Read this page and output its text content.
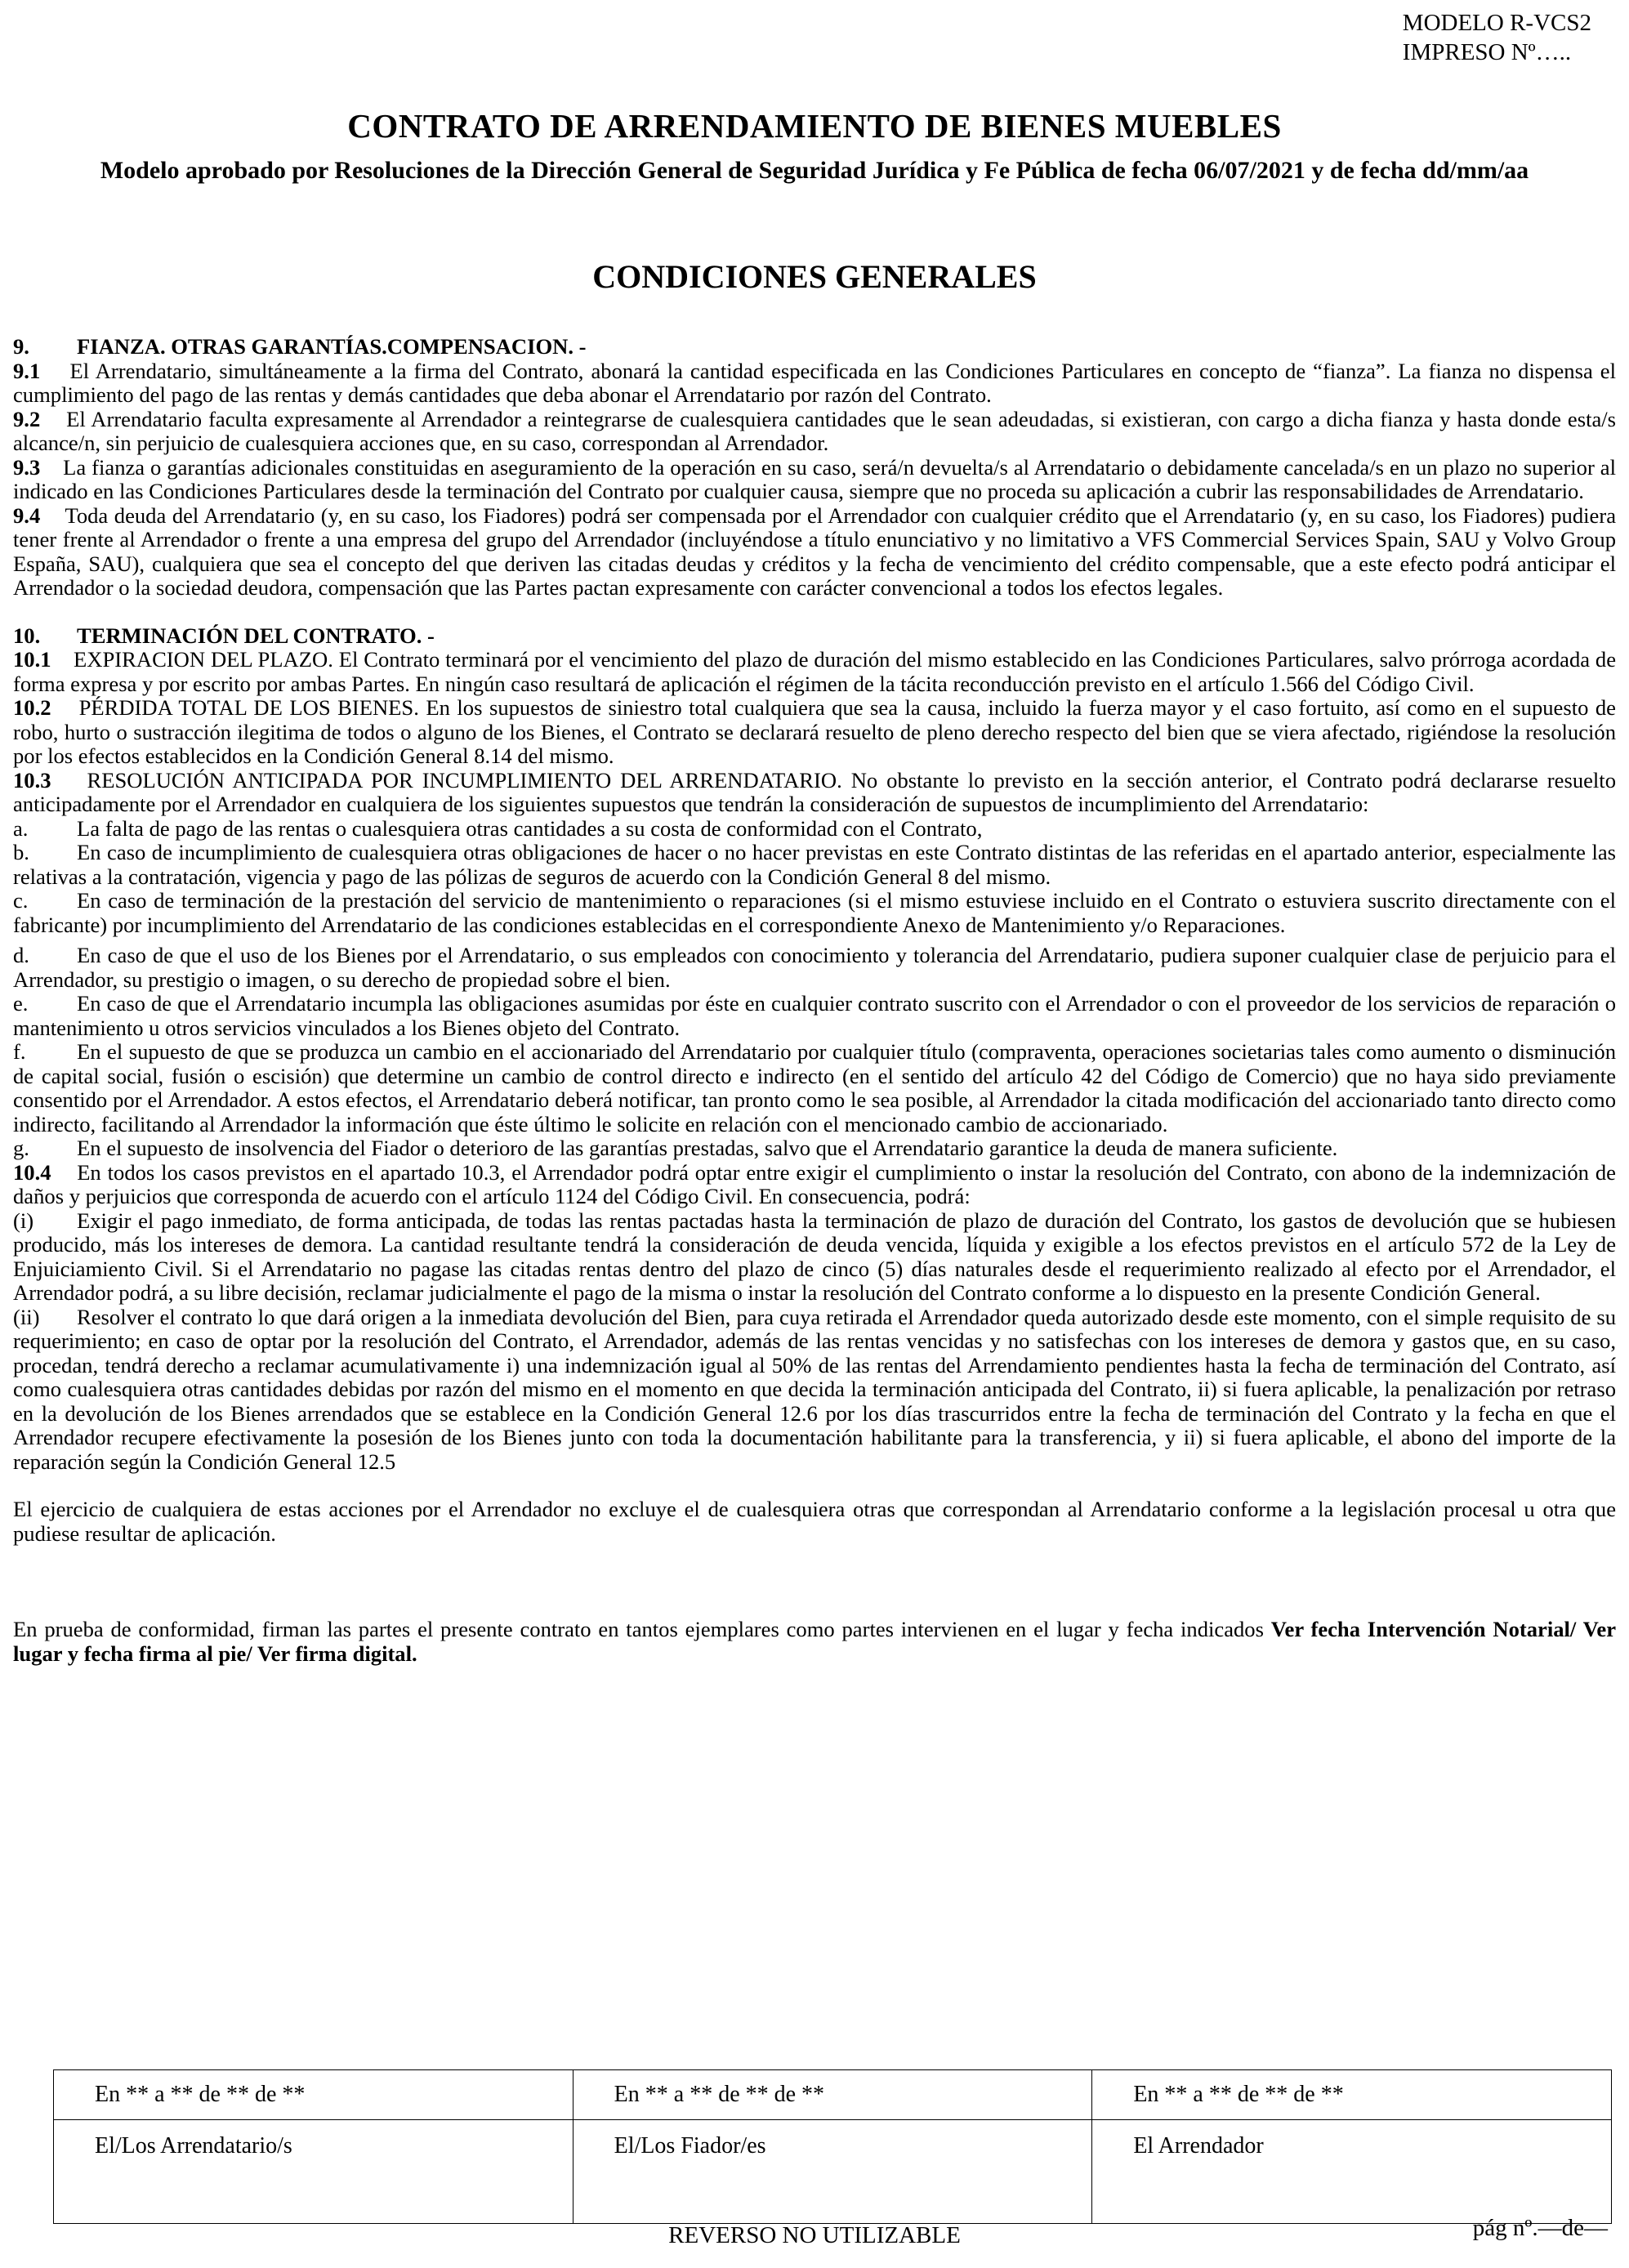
MODELO R-VCS2
IMPRESO Nº…..
CONTRATO DE ARRENDAMIENTO DE BIENES MUEBLES
Modelo aprobado por Resoluciones de la Dirección General de Seguridad Jurídica y Fe Pública de fecha 06/07/2021 y de fecha dd/mm/aa
CONDICIONES GENERALES

9. FIANZA. OTRAS GARANTÍAS.COMPENSACION. -

9.1 El Arrendatario, simultáneamente a la firma del Contrato, abonará la cantidad especificada en las Condiciones Particulares en concepto de “fianza”. La fianza no dispensa el cumplimiento del pago de las rentas y demás cantidades que deba abonar el Arrendatario por razón del Contrato.

9.2 El Arrendatario faculta expresamente al Arrendador a reintegrarse de cualesquiera cantidades que le sean adeudadas, si existieran, con cargo a dicha fianza y hasta donde esta/s alcance/n, sin perjuicio de cualesquiera acciones que, en su caso, correspondan al Arrendador.

9.3 La fianza o garantías adicionales constituidas en aseguramiento de la operación en su caso, será/n devuelta/s al Arrendatario o debidamente cancelada/s en un plazo no superior al indicado en las Condiciones Particulares desde la terminación del Contrato por cualquier causa, siempre que no proceda su aplicación a cubrir las responsabilidades de Arrendatario.

9.4 Toda deuda del Arrendatario (y, en su caso, los Fiadores) podrá ser compensada por el Arrendador con cualquier crédito que el Arrendatario (y, en su caso, los Fiadores) pudiera tener frente al Arrendador o frente a una empresa del grupo del Arrendador (incluyéndose a título enunciativo y no limitativo a VFS Commercial Services Spain, SAU y Volvo Group España, SAU), cualquiera que sea el concepto del que deriven las citadas deudas y créditos y la fecha de vencimiento del crédito compensable, que a este efecto podrá anticipar el Arrendador o la sociedad deudora, compensación que las Partes pactan expresamente con carácter convencional a todos los efectos legales.

10. TERMINACIÓN DEL CONTRATO. -

10.1 EXPIRACION DEL PLAZO. El Contrato terminará por el vencimiento del plazo de duración del mismo establecido en las Condiciones Particulares, salvo prórroga acordada de forma expresa y por escrito por ambas Partes. En ningún caso resultará de aplicación el régimen de la tácita reconducción previsto en el artículo 1.566 del Código Civil.

10.2 PÉRDIDA TOTAL DE LOS BIENES. En los supuestos de siniestro total cualquiera que sea la causa, incluido la fuerza mayor y el caso fortuito, así como en el supuesto de robo, hurto o sustracción ilegitima de todos o alguno de los Bienes, el Contrato se declarará resuelto de pleno derecho respecto del bien que se viera afectado, rigiéndose la resolución por los efectos establecidos en la Condición General 8.14 del mismo.

10.3 RESOLUCIÓN ANTICIPADA POR INCUMPLIMIENTO DEL ARRENDATARIO. No obstante lo previsto en la sección anterior, el Contrato podrá declararse resuelto anticipadamente por el Arrendador en cualquiera de los siguientes supuestos que tendrán la consideración de supuestos de incumplimiento del Arrendatario:

a. La falta de pago de las rentas o cualesquiera otras cantidades a su costa de conformidad con el Contrato,

b. En caso de incumplimiento de cualesquiera otras obligaciones de hacer o no hacer previstas en este Contrato distintas de las referidas en el apartado anterior, especialmente las relativas a la contratación, vigencia y pago de las pólizas de seguros de acuerdo con la Condición General 8 del mismo.

c. En caso de terminación de la prestación del servicio de mantenimiento o reparaciones (si el mismo estuviese incluido en el Contrato o estuviera suscrito directamente con el fabricante) por incumplimiento del Arrendatario de las condiciones establecidas en el correspondiente Anexo de Mantenimiento y/o Reparaciones.

d. En caso de que el uso de los Bienes por el Arrendatario, o sus empleados con conocimiento y tolerancia del Arrendatario, pudiera suponer cualquier clase de perjuicio para el Arrendador, su prestigio o imagen, o su derecho de propiedad sobre el bien.

e. En caso de que el Arrendatario incumpla las obligaciones asumidas por éste en cualquier contrato suscrito con el Arrendador o con el proveedor de los servicios de reparación o mantenimiento u otros servicios vinculados a los Bienes objeto del Contrato.

f. En el supuesto de que se produzca un cambio en el accionariado del Arrendatario por cualquier título (compraventa, operaciones societarias tales como aumento o disminución de capital social, fusión o escisión) que determine un cambio de control directo e indirecto (en el sentido del artículo 42 del Código de Comercio) que no haya sido previamente consentido por el Arrendador. A estos efectos, el Arrendatario deberá notificar, tan pronto como le sea posible, al Arrendador la citada modificación del accionariado tanto directo como indirecto, facilitando al Arrendador la información que éste último le solicite en relación con el mencionado cambio de accionariado.

g. En el supuesto de insolvencia del Fiador o deterioro de las garantías prestadas, salvo que el Arrendatario garantice la deuda de manera suficiente.

10.4 En todos los casos previstos en el apartado 10.3, el Arrendador podrá optar entre exigir el cumplimiento o instar la resolución del Contrato, con abono de la indemnización de daños y perjuicios que corresponda de acuerdo con el artículo 1124 del Código Civil. En consecuencia, podrá:

(i) Exigir el pago inmediato, de forma anticipada, de todas las rentas pactadas hasta la terminación de plazo de duración del Contrato, los gastos de devolución que se hubiesen producido, más los intereses de demora. La cantidad resultante tendrá la consideración de deuda vencida, líquida y exigible a los efectos previstos en el artículo 572 de la Ley de Enjuiciamiento Civil. Si el Arrendatario no pagase las citadas rentas dentro del plazo de cinco (5) días naturales desde el requerimiento realizado al efecto por el Arrendador, el Arrendador podrá, a su libre decisión, reclamar judicialmente el pago de la misma o instar la resolución del Contrato conforme a lo dispuesto en la presente Condición General.

(ii) Resolver el contrato lo que dará origen a la inmediata devolución del Bien, para cuya retirada el Arrendador queda autorizado desde este momento, con el simple requisito de su requerimiento; en caso de optar por la resolución del Contrato, el Arrendador, además de las rentas vencidas y no satisfechas con los intereses de demora y gastos que, en su caso, procedan, tendrá derecho a reclamar acumulativamente i) una indemnización igual al 50% de las rentas del Arrendamiento pendientes hasta la fecha de terminación del Contrato, así como cualesquiera otras cantidades debidas por razón del mismo en el momento en que decida la terminación anticipada del Contrato, ii) si fuera aplicable, la penalización por retraso en la devolución de los Bienes arrendados que se establece en la Condición General 12.6 por los días trascurridos entre la fecha de terminación del Contrato y la fecha en que el Arrendador recupere efectivamente la posesión de los Bienes junto con toda la documentación habilitante para la transferencia, y ii) si fuera aplicable, el abono del importe de la reparación según la Condición General 12.5

El ejercicio de cualquiera de estas acciones por el Arrendador no excluye el de cualesquiera otras que correspondan al Arrendatario conforme a la legislación procesal u otra que pudiese resultar de aplicación.

En prueba de conformidad, firman las partes el presente contrato en tantos ejemplares como partes intervienen en el lugar y fecha indicados Ver fecha Intervención Notarial/ Ver lugar y fecha firma al pie/ Ver firma digital.

En ** a ** de ** de **	En ** a ** de ** de **	En ** a ** de ** de **
El/Los Arrendatario/s	El/Los Fiador/es	El Arrendador
REVERSO NO UTILIZABLE	pág nº.—de—
